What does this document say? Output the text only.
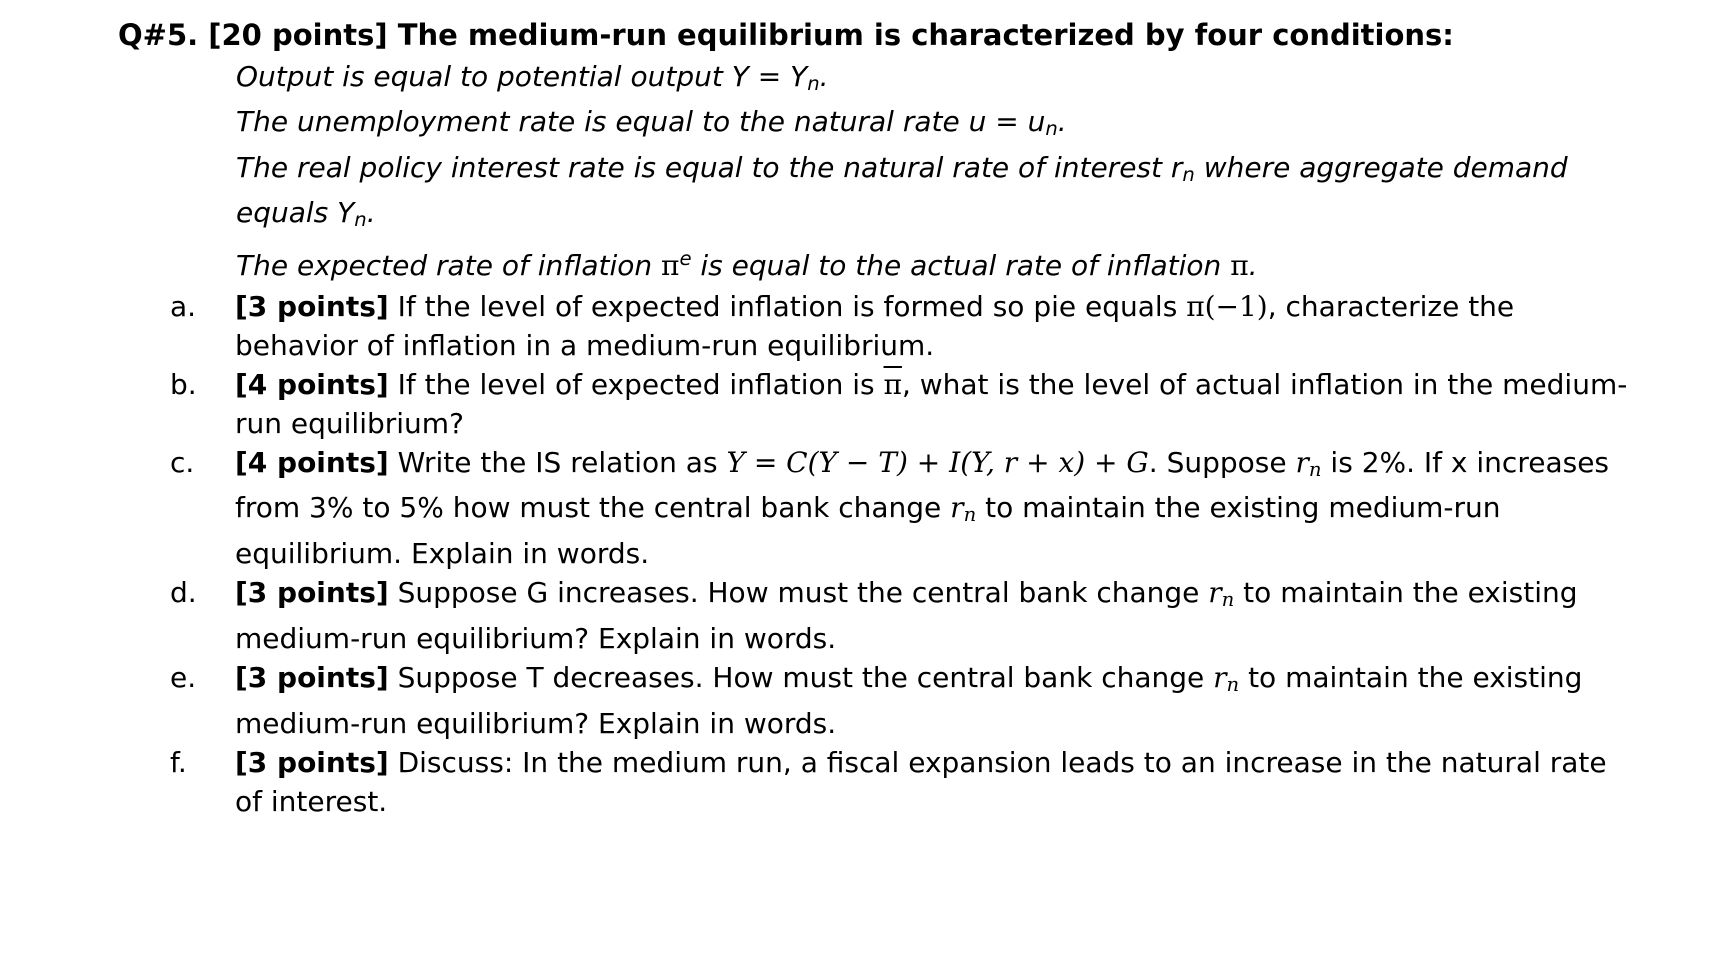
Q#5. [20 points] The medium-run equilibrium is characterized by four conditions:
Output is equal to potential output Y = Yn.
The unemployment rate is equal to the natural rate u = un.
The real policy interest rate is equal to the natural rate of interest rn where aggregate demand equals Yn.
The expected rate of inflation $\pi^e$ is equal to the actual rate of inflation π.
a.	[3 points] If the level of expected inflation is formed so pie equals π(−1), characterize the behavior of inflation in a medium-run equilibrium.
b.	[4 points] If the level of expected inflation is $\overline{\pi}$, what is the level of actual inflation in the medium-run equilibrium?
c.	[4 points] Write the IS relation as Y = C(Y − T) + I(Y, r + x) + G. Suppose rn is 2%. If x increases from 3% to 5% how must the central bank change rn to maintain the existing medium-run equilibrium. Explain in words.
d.	[3 points] Suppose G increases. How must the central bank change rn to maintain the existing medium-run equilibrium? Explain in words.
e.	[3 points] Suppose T decreases. How must the central bank change rn to maintain the existing medium-run equilibrium? Explain in words.
f.	[3 points] Discuss: In the medium run, a fiscal expansion leads to an increase in the natural rate of interest.
